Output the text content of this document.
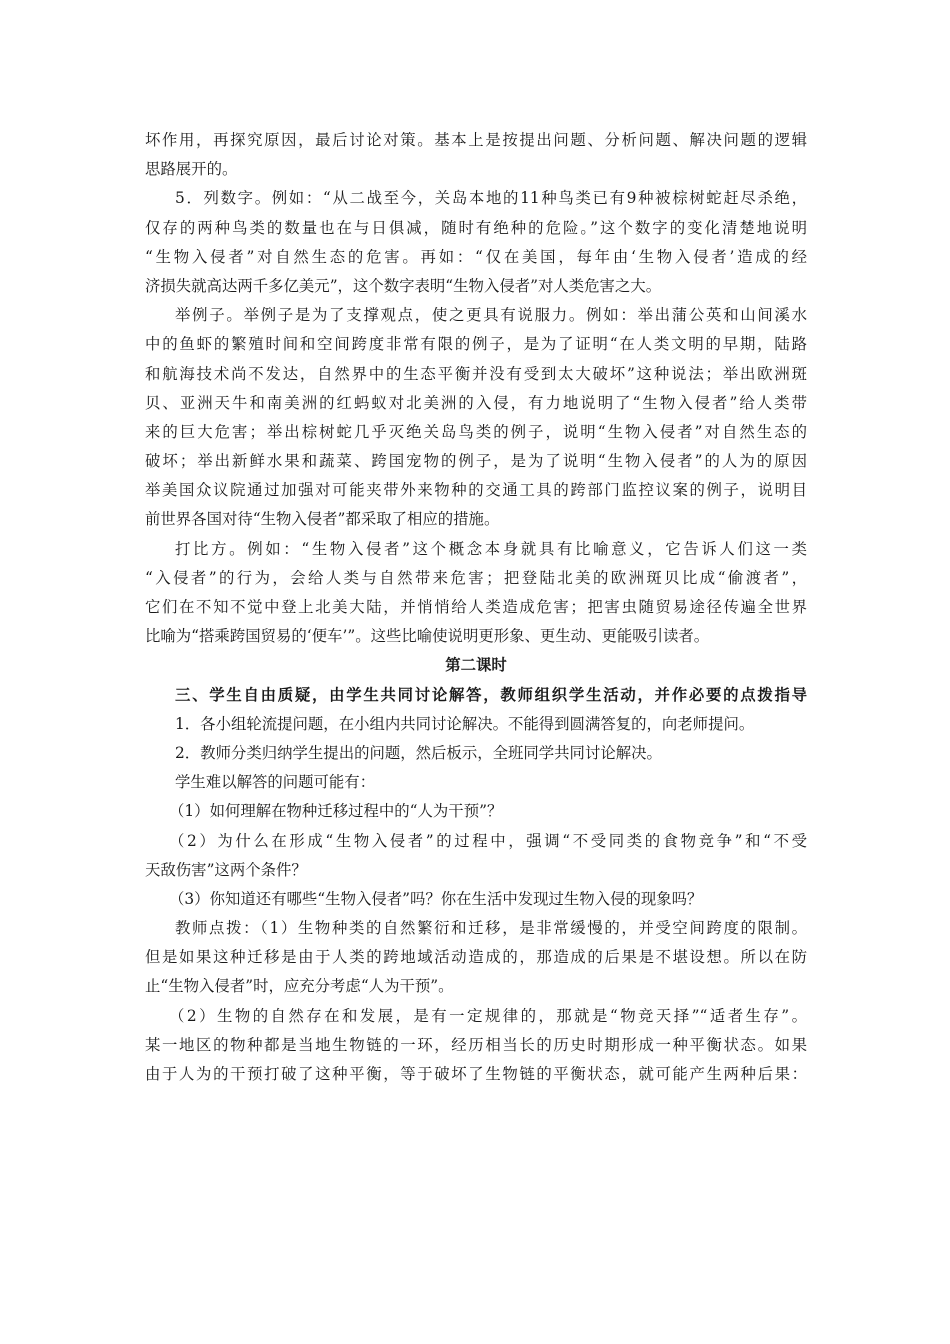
坏作用，再探究原因，最后讨论对策。基本上是按提出问题、分析问题、解决问题的逻辑
思路展开的。
5．列数字。例如：“从二战至今，关岛本地的11种鸟类已有9种被棕树蛇赶尽杀绝，
仅存的两种鸟类的数量也在与日俱减，随时有绝种的危险。”这个数字的变化清楚地说明
“生物入侵者”对自然生态的危害。再如：“仅在美国，每年由‘生物入侵者’造成的经
济损失就高达两千多亿美元”，这个数字表明“生物入侵者”对人类危害之大。
举例子。举例子是为了支撑观点，使之更具有说服力。例如：举出蒲公英和山间溪水
中的鱼虾的繁殖时间和空间跨度非常有限的例子，是为了证明“在人类文明的早期，陆路
和航海技术尚不发达，自然界中的生态平衡并没有受到太大破坏”这种说法；举出欧洲斑
贝、亚洲天牛和南美洲的红蚂蚁对北美洲的入侵，有力地说明了“生物入侵者”给人类带
来的巨大危害；举出棕树蛇几乎灭绝关岛鸟类的例子，说明“生物入侵者”对自然生态的
破坏；举出新鲜水果和蔬菜、跨国宠物的例子，是为了说明“生物入侵者”的人为的原因
举美国众议院通过加强对可能夹带外来物种的交通工具的跨部门监控议案的例子，说明目
前世界各国对待“生物入侵者”都采取了相应的措施。
打比方。例如：“生物入侵者”这个概念本身就具有比喻意义，它告诉人们这一类
“入侵者”的行为，会给人类与自然带来危害；把登陆北美的欧洲斑贝比成“偷渡者”，
它们在不知不觉中登上北美大陆，并悄悄给人类造成危害；把害虫随贸易途径传遍全世界
比喻为“搭乘跨国贸易的‘便车’”。这些比喻使说明更形象、更生动、更能吸引读者。
第二课时
三、学生自由质疑，由学生共同讨论解答，教师组织学生活动，并作必要的点拨指导
1．各小组轮流提问题，在小组内共同讨论解决。不能得到圆满答复的，向老师提问。
2．教师分类归纳学生提出的问题，然后板示，全班同学共同讨论解决。
学生难以解答的问题可能有：
（1）如何理解在物种迁移过程中的“人为干预”？
（2）为什么在形成“生物入侵者”的过程中，强调“不受同类的食物竞争”和“不受
天敌伤害”这两个条件？
（3）你知道还有哪些“生物入侵者”吗？你在生活中发现过生物入侵的现象吗？
教师点拨：（1）生物种类的自然繁衍和迁移，是非常缓慢的，并受空间跨度的限制。
但是如果这种迁移是由于人类的跨地域活动造成的，那造成的后果是不堪设想。所以在防
止“生物入侵者”时，应充分考虑“人为干预”。
（2）生物的自然存在和发展，是有一定规律的，那就是“物竞天择”“适者生存”。
某一地区的物种都是当地生物链的一环，经历相当长的历史时期形成一种平衡状态。如果
由于人为的干预打破了这种平衡，等于破坏了生物链的平衡状态，就可能产生两种后果：
